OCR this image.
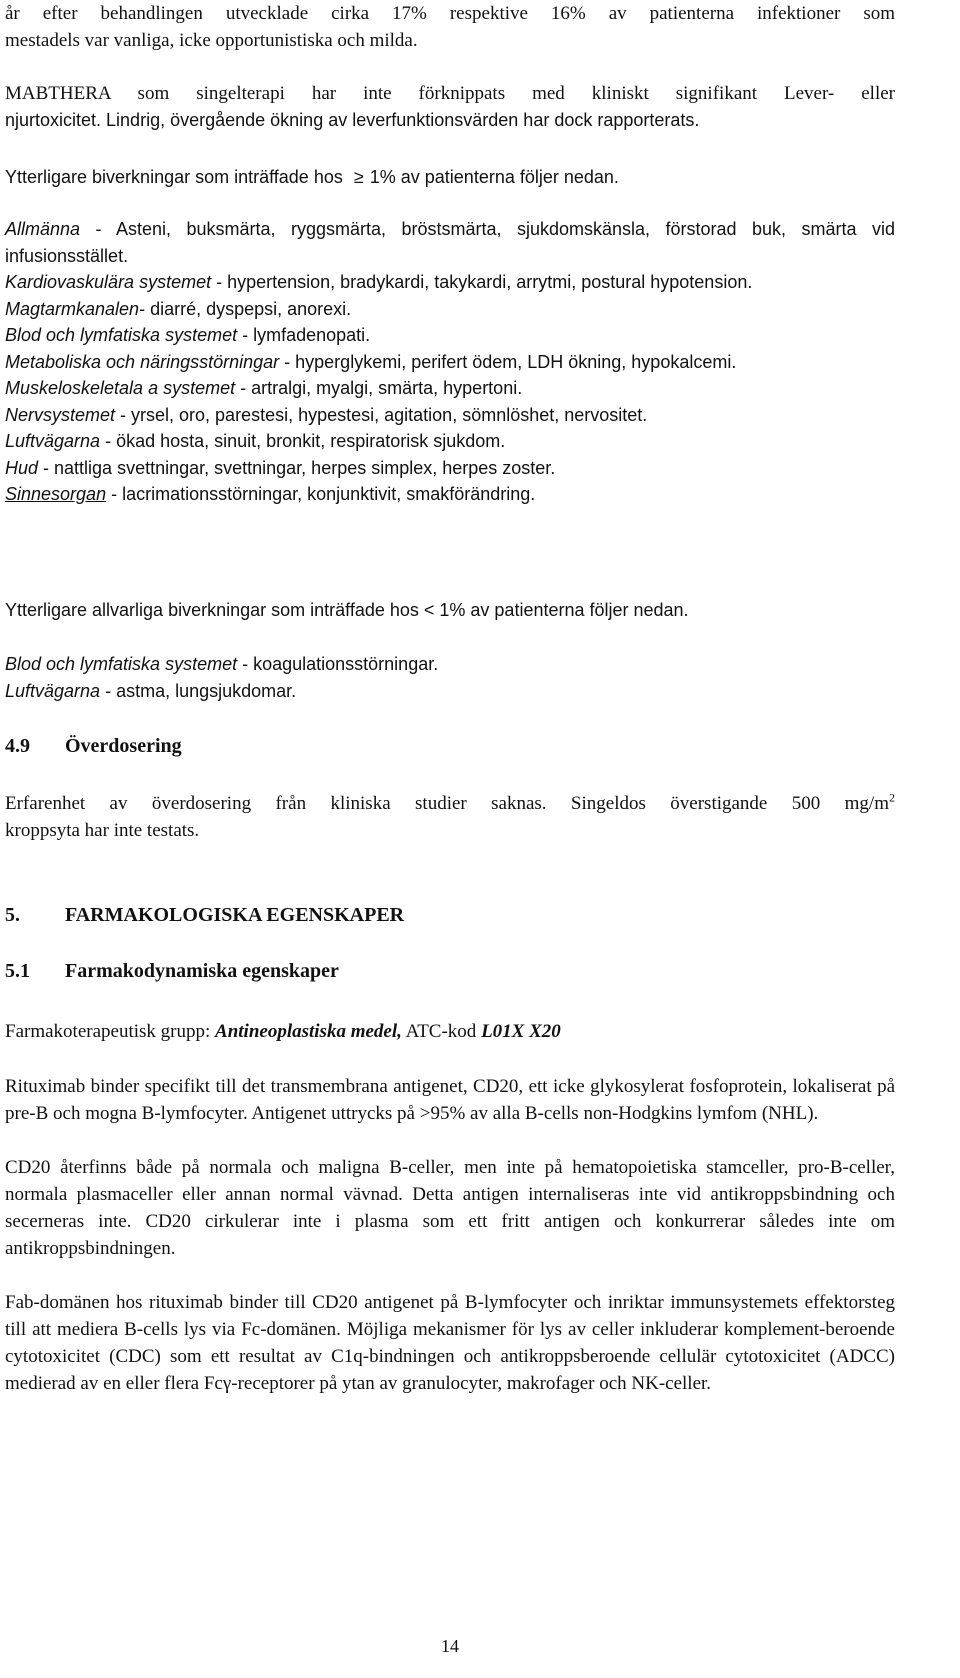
år efter behandlingen utvecklade cirka 17% respektive 16% av patienterna infektioner som
mestadels var vanliga, icke opportunistiska och milda.
MABTHERA som singelterapi har inte förknippats med kliniskt signifikant Lever- eller
njurtoxicitet. Lindrig, övergående ökning av leverfunktionsvärden har dock rapporterats.
Ytterligare biverkningar som inträffade hos ≥ 1% av patienterna följer nedan.
Allmänna - Asteni, buksmärta, ryggsmärta, bröstsmärta, sjukdomskänsla, förstorad buk, smärta vid infusionsstället.
Kardiovaskulära systemet - hypertension, bradykardi, takykardi, arrytmi, postural hypotension.
Magtarmkanalen- diarré, dyspepsi, anorexi.
Blod och lymfatiska systemet - lymfadenopati.
Metaboliska och näringsstörningar - hyperglykemi, perifert ödem, LDH ökning, hypokalcemi.
Muskeloskeletala a systemet - artralgi, myalgi, smärta, hypertoni.
Nervsystemet - yrsel, oro, parestesi, hypestesi, agitation, sömnlöshet, nervositet.
Luftvägarna - ökad hosta, sinuit, bronkit, respiratorisk sjukdom.
Hud - nattliga svettningar, svettningar, herpes simplex, herpes zoster.
Sinnesorgan - lacrimationsstörningar, konjunktivit, smakförändring.
Ytterligare allvarliga biverkningar som inträffade hos < 1% av patienterna följer nedan.
Blod och lymfatiska systemet - koagulationsstörningar.
Luftvägarna - astma, lungsjukdomar.
4.9 Överdosering
Erfarenhet av överdosering från kliniska studier saknas. Singeldos överstigande 500 $mg/m^2$
kroppsyta har inte testats.
5. FARMAKOLOGISKA EGENSKAPER
5.1 Farmakodynamiska egenskaper
Farmakoterapeutisk grupp: Antineoplastiska medel, ATC-kod L01X X20
Rituximab binder specifikt till det transmembrana antigenet, CD20, ett icke glykosylerat fosfoprotein, lokaliserat på pre-B och mogna B-lymfocyter. Antigenet uttrycks på >95% av alla B-cells non-Hodgkins lymfom (NHL).
CD20 återfinns både på normala och maligna B-celler, men inte på hematopoietiska stamceller, pro-B-celler, normala plasmaceller eller annan normal vävnad. Detta antigen internaliseras inte vid antikroppsbindning och secerneras inte. CD20 cirkulerar inte i plasma som ett fritt antigen och konkurrerar således inte om antikroppsbindningen.
Fab-domänen hos rituximab binder till CD20 antigenet på B-lymfocyter och inriktar immunsystemets effektorsteg till att mediera B-cells lys via Fc-domänen. Möjliga mekanismer för lys av celler inkluderar komplement-beroende cytotoxicitet (CDC) som ett resultat av C1q-bindningen och antikroppsberoende cellulär cytotoxicitet (ADCC) medierad av en eller flera Fcγ-receptorer på ytan av granulocyter, makrofager och NK-celler.
14
